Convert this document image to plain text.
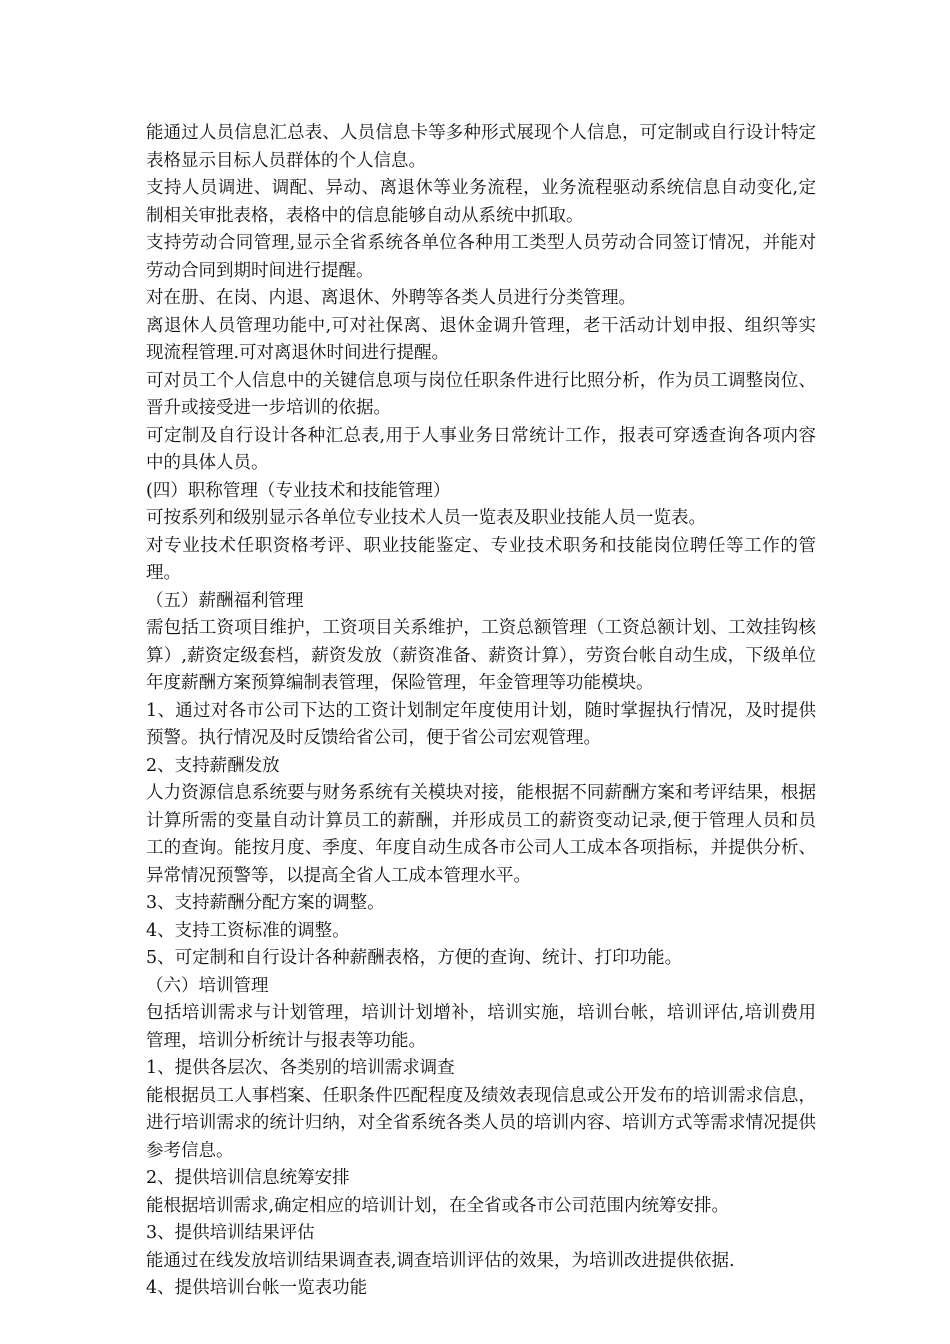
能通过人员信息汇总表、人员信息卡等多种形式展现个人信息，可定制或自行设计特定表格显示目标人员群体的个人信息。

支持人员调进、调配、异动、离退休等业务流程，业务流程驱动系统信息自动变化,定制相关审批表格，表格中的信息能够自动从系统中抓取。

支持劳动合同管理,显示全省系统各单位各种用工类型人员劳动合同签订情况，并能对劳动合同到期时间进行提醒。

对在册、在岗、内退、离退休、外聘等各类人员进行分类管理。

离退休人员管理功能中,可对社保离、退休金调升管理，老干活动计划申报、组织等实现流程管理.可对离退休时间进行提醒。

可对员工个人信息中的关键信息项与岗位任职条件进行比照分析，作为员工调整岗位、晋升或接受进一步培训的依据。

可定制及自行设计各种汇总表,用于人事业务日常统计工作，报表可穿透查询各项内容中的具体人员。

(四）职称管理（专业技术和技能管理）

可按系列和级别显示各单位专业技术人员一览表及职业技能人员一览表。

对专业技术任职资格考评、职业技能鉴定、专业技术职务和技能岗位聘任等工作的管理。

（五）薪酬福利管理

需包括工资项目维护，工资项目关系维护，工资总额管理（工资总额计划、工效挂钩核算）,薪资定级套档，薪资发放（薪资准备、薪资计算），劳资台帐自动生成，下级单位年度薪酬方案预算编制表管理，保险管理，年金管理等功能模块。

1、通过对各市公司下达的工资计划制定年度使用计划，随时掌握执行情况，及时提供预警。执行情况及时反馈给省公司，便于省公司宏观管理。

2、支持薪酬发放

人力资源信息系统要与财务系统有关模块对接，能根据不同薪酬方案和考评结果，根据计算所需的变量自动计算员工的薪酬，并形成员工的薪资变动记录,便于管理人员和员工的查询。能按月度、季度、年度自动生成各市公司人工成本各项指标，并提供分析、异常情况预警等，以提高全省人工成本管理水平。

3、支持薪酬分配方案的调整。

4、支持工资标准的调整。

5、可定制和自行设计各种薪酬表格，方便的查询、统计、打印功能。

（六）培训管理

包括培训需求与计划管理，培训计划增补，培训实施，培训台帐，培训评估,培训费用管理，培训分析统计与报表等功能。

1、提供各层次、各类别的培训需求调查

能根据员工人事档案、任职条件匹配程度及绩效表现信息或公开发布的培训需求信息，进行培训需求的统计归纳，对全省系统各类人员的培训内容、培训方式等需求情况提供参考信息。

2、提供培训信息统筹安排

能根据培训需求,确定相应的培训计划，在全省或各市公司范围内统筹安排。

3、提供培训结果评估

能通过在线发放培训结果调查表,调查培训评估的效果，为培训改进提供依据.

4、提供培训台帐一览表功能
